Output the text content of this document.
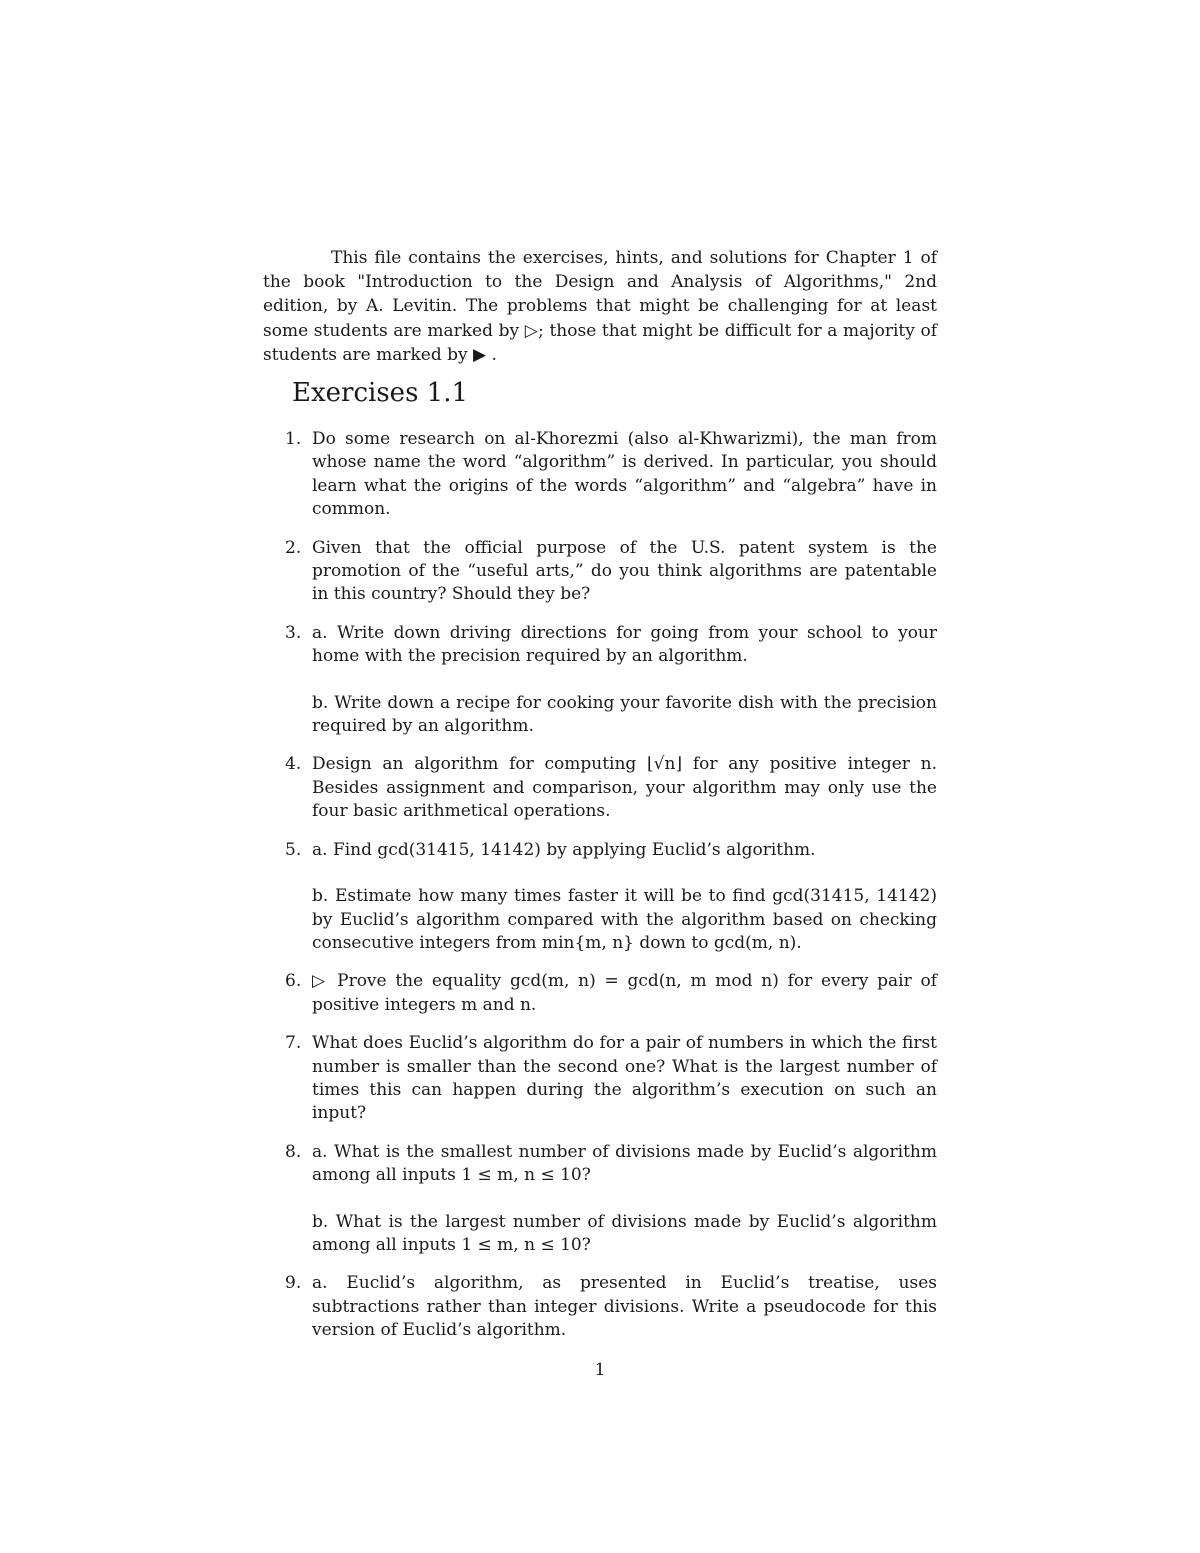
This file contains the exercises, hints, and solutions for Chapter 1 of the book "Introduction to the Design and Analysis of Algorithms," 2nd edition, by A. Levitin. The problems that might be challenging for at least some students are marked by ▷; those that might be difficult for a majority of students are marked by ▶ .

Exercises 1.1
1. Do some research on al-Khorezmi (also al-Khwarizmi), the man from whose name the word “algorithm” is derived. In particular, you should learn what the origins of the words “algorithm” and “algebra” have in common.
2. Given that the official purpose of the U.S. patent system is the promotion of the “useful arts,” do you think algorithms are patentable in this country? Should they be?
3. a. Write down driving directions for going from your school to your home with the precision required by an algorithm.
b. Write down a recipe for cooking your favorite dish with the precision required by an algorithm.
4. Design an algorithm for computing ⌊√n⌋ for any positive integer n. Besides assignment and comparison, your algorithm may only use the four basic arithmetical operations.
5. a. Find gcd(31415, 14142) by applying Euclid’s algorithm.
b. Estimate how many times faster it will be to find gcd(31415, 14142) by Euclid’s algorithm compared with the algorithm based on checking consecutive integers from min{m, n} down to gcd(m, n).
6. ▷ Prove the equality gcd(m, n) = gcd(n, m mod n) for every pair of positive integers m and n.
7. What does Euclid’s algorithm do for a pair of numbers in which the first number is smaller than the second one? What is the largest number of times this can happen during the algorithm’s execution on such an input?
8. a. What is the smallest number of divisions made by Euclid’s algorithm among all inputs 1 ≤ m, n ≤ 10?
b. What is the largest number of divisions made by Euclid’s algorithm among all inputs 1 ≤ m, n ≤ 10?
9. a. Euclid’s algorithm, as presented in Euclid’s treatise, uses subtractions rather than integer divisions. Write a pseudocode for this version of Euclid’s algorithm.
1
